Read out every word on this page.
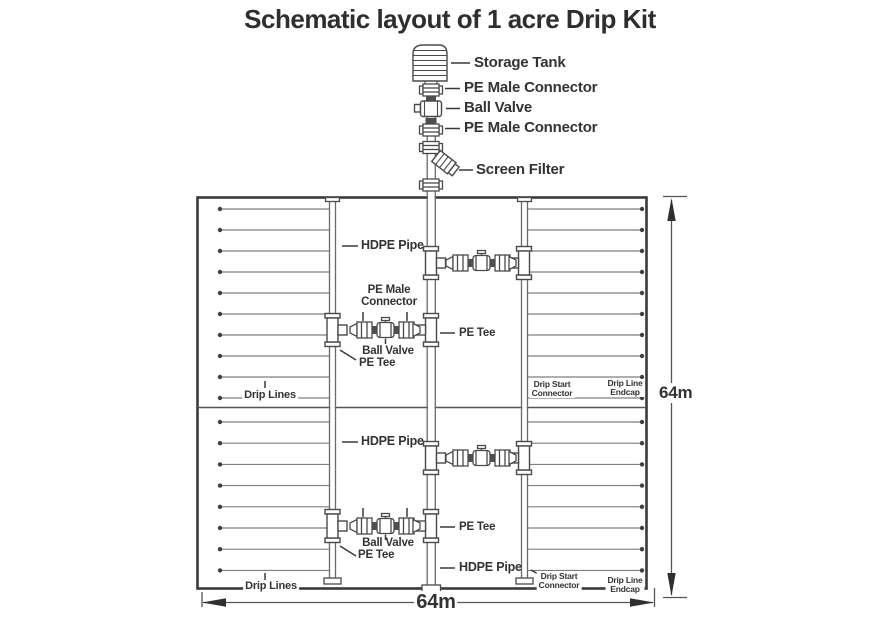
Schematic layout of 1 acre Drip Kit
Storage Tank
PE Male Connector
Ball Valve
PE Male Connector
Screen Filter
HDPE Pipe
PE Male
Connector
Ball Valve
PE Tee
PE Tee
Drip Lines
Drip Start
Connector
Drip Line
Endcap
HDPE Pipe
Ball Valve
PE Tee
PE Tee
HDPE Pipe
Drip Lines
Drip Start
Connector
Drip Line
Endcap
64m
64m
